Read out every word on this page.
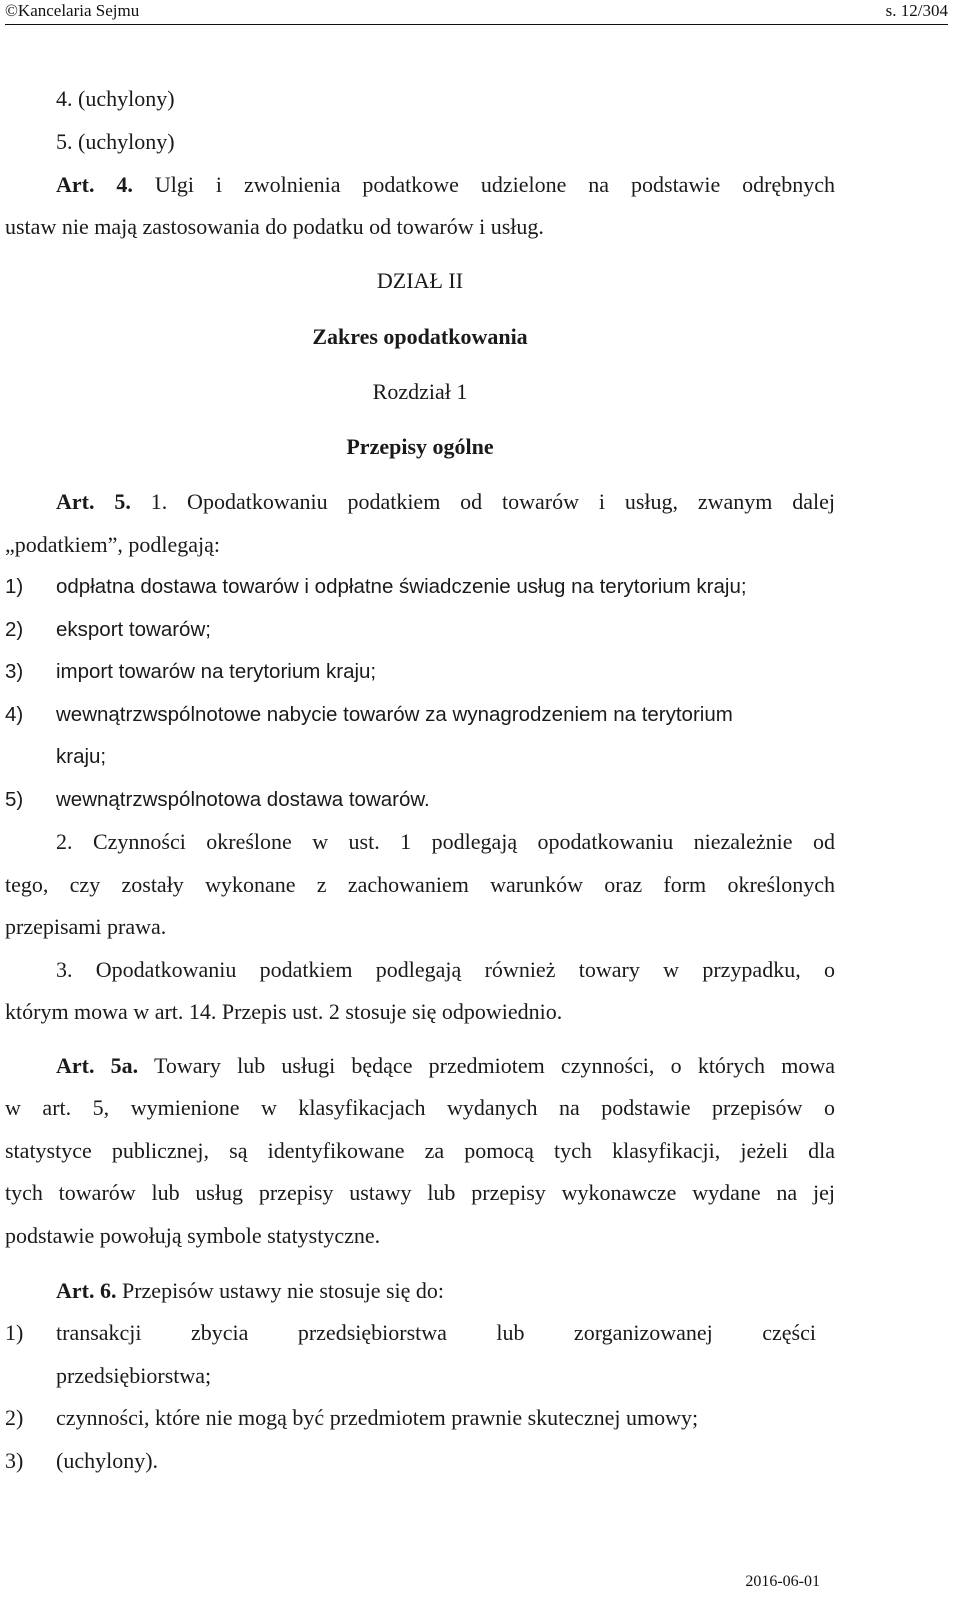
©Kancelaria Sejmu	s. 12/304
4. (uchylony)
5. (uchylony)
Art. 4. Ulgi i zwolnienia podatkowe udzielone na podstawie odrębnych
ustaw nie mają zastosowania do podatku od towarów i usług.
DZIAŁ II
Zakres opodatkowania
Rozdział 1
Przepisy ogólne
Art. 5. 1. Opodatkowaniu podatkiem od towarów i usług, zwanym dalej
„podatkiem”, podlegają:
1) odpłatna dostawa towarów i odpłatne świadczenie usług na terytorium kraju;
2) eksport towarów;
3) import towarów na terytorium kraju;
4) wewnątrzwspólnotowe nabycie towarów za wynagrodzeniem na terytorium
kraju;
5) wewnątrzwspólnotowa dostawa towarów.
2. Czynności określone w ust. 1 podlegają opodatkowaniu niezależnie od
tego, czy zostały wykonane z zachowaniem warunków oraz form określonych
przepisami prawa.
3. Opodatkowaniu podatkiem podlegają również towary w przypadku, o
którym mowa w art. 14. Przepis ust. 2 stosuje się odpowiednio.
Art. 5a. Towary lub usługi będące przedmiotem czynności, o których mowa
w art. 5, wymienione w klasyfikacjach wydanych na podstawie przepisów o
statystyce publicznej, są identyfikowane za pomocą tych klasyfikacji, jeżeli dla
tych towarów lub usług przepisy ustawy lub przepisy wykonawcze wydane na jej
podstawie powołują symbole statystyczne.
Art. 6. Przepisów ustawy nie stosuje się do:
1) transakcji zbycia przedsiębiorstwa lub zorganizowanej części
przedsiębiorstwa;
2) czynności, które nie mogą być przedmiotem prawnie skutecznej umowy;
3) (uchylony).
2016-06-01
